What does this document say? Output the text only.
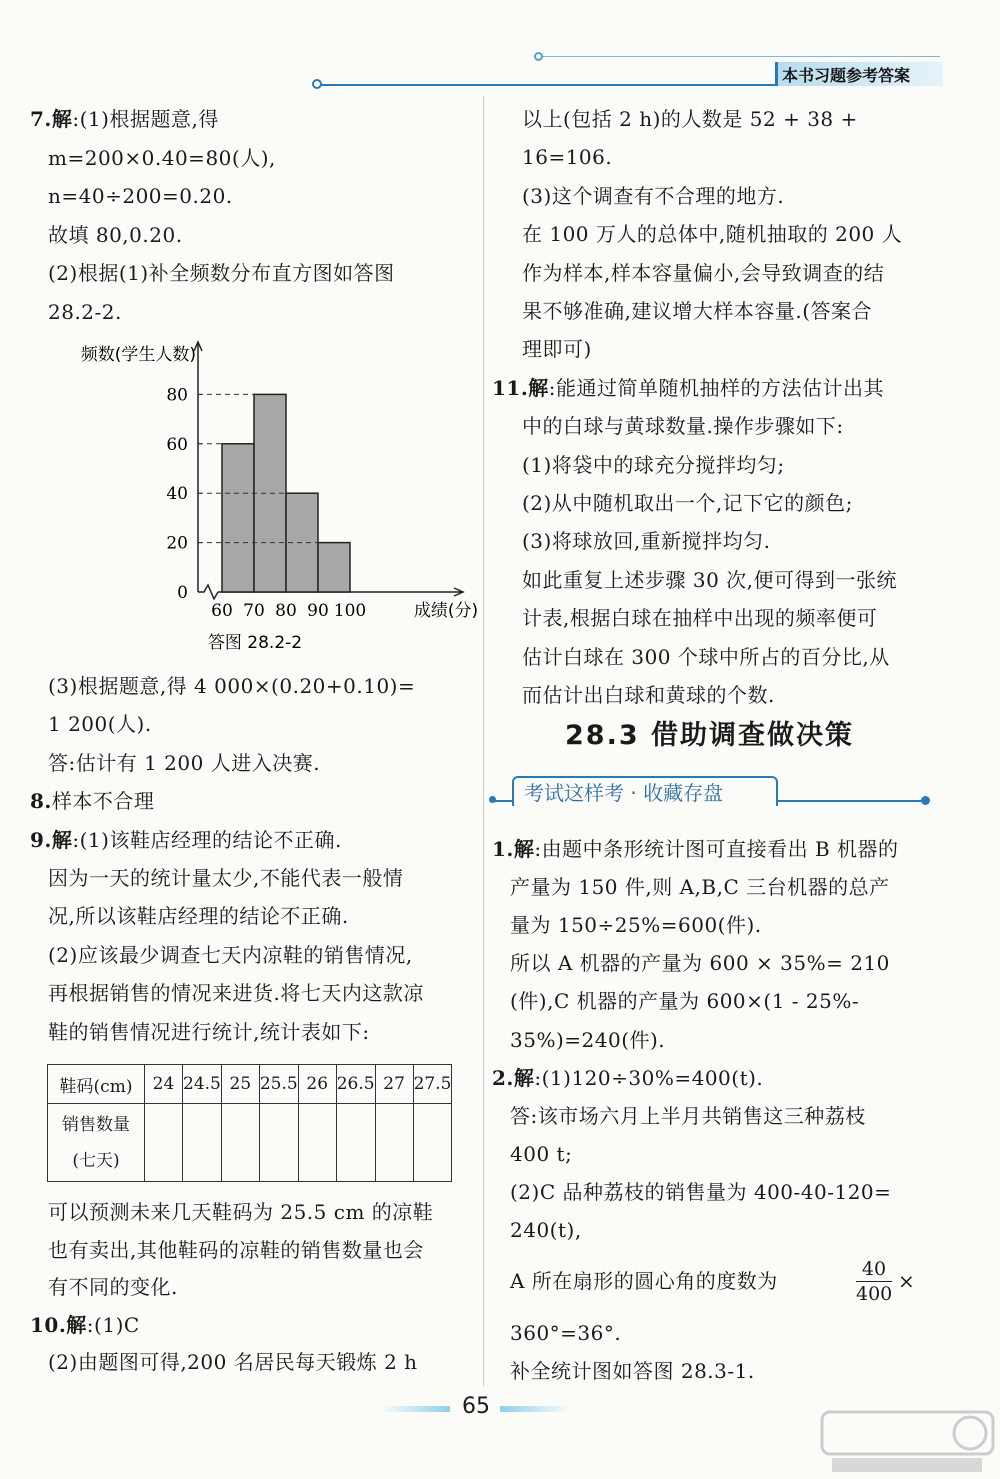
本书习题参考答案
7.解:(1)根据题意,得
m=200×0.40=80(人),
n=40÷200=0.20.
故填 80,0.20.
(2)根据(1)补全频数分布直方图如答图
28.2-2.
0
20
40
60
80
60 70 80 90 100
频数(学生人数)
成绩(分)
答图 28.2-2
(3)根据题意,得 4 000×(0.20+0.10)=
1 200(人).
答:估计有 1 200 人进入决赛.
8.样本不合理
9.解:(1)该鞋店经理的结论不正确.
因为一天的统计量太少,不能代表一般情
况,所以该鞋店经理的结论不正确.
(2)应该最少调查七天内凉鞋的销售情况,
再根据销售的情况来进货.将七天内这款凉
鞋的销售情况进行统计,统计表如下:
鞋码(cm)	24	24.5	25	25.5	26	26.5	27	27.5

销售数量
(七天)								

可以预测未来几天鞋码为 25.5 cm 的凉鞋
也有卖出,其他鞋码的凉鞋的销售数量也会
有不同的变化.
10.解:(1)C
(2)由题图可得,200 名居民每天锻炼 2 h
以上(包括 2 h)的人数是 52 + 38 +
16=106.
(3)这个调查有不合理的地方.
在 100 万人的总体中,随机抽取的 200 人
作为样本,样本容量偏小,会导致调查的结
果不够准确,建议增大样本容量.(答案合
理即可)
11.解:能通过简单随机抽样的方法估计出其
中的白球与黄球数量.操作步骤如下:
(1)将袋中的球充分搅拌均匀;
(2)从中随机取出一个,记下它的颜色;
(3)将球放回,重新搅拌均匀.
如此重复上述步骤 30 次,便可得到一张统
计表,根据白球在抽样中出现的频率便可
估计白球在 300 个球中所占的百分比,从
而估计出白球和黄球的个数.
28.3 借助调查做决策
考试这样考 · 收藏存盘
1.解:由题中条形统计图可直接看出 B 机器的
产量为 150 件,则 A,B,C 三台机器的总产
量为 150÷25%=600(件).
所以 A 机器的产量为 600 × 35%= 210
(件),C 机器的产量为 600×(1 - 25%-
35%)=240(件).
2.解:(1)120÷30%=400(t).
答:该市场六月上半月共销售这三种荔枝
400 t;
(2)C 品种荔枝的销售量为 400-40-120=
240(t),
A 所在扇形的圆心角的度数为	40
400
×
360°=36°.
补全统计图如答图 28.3-1.
65
